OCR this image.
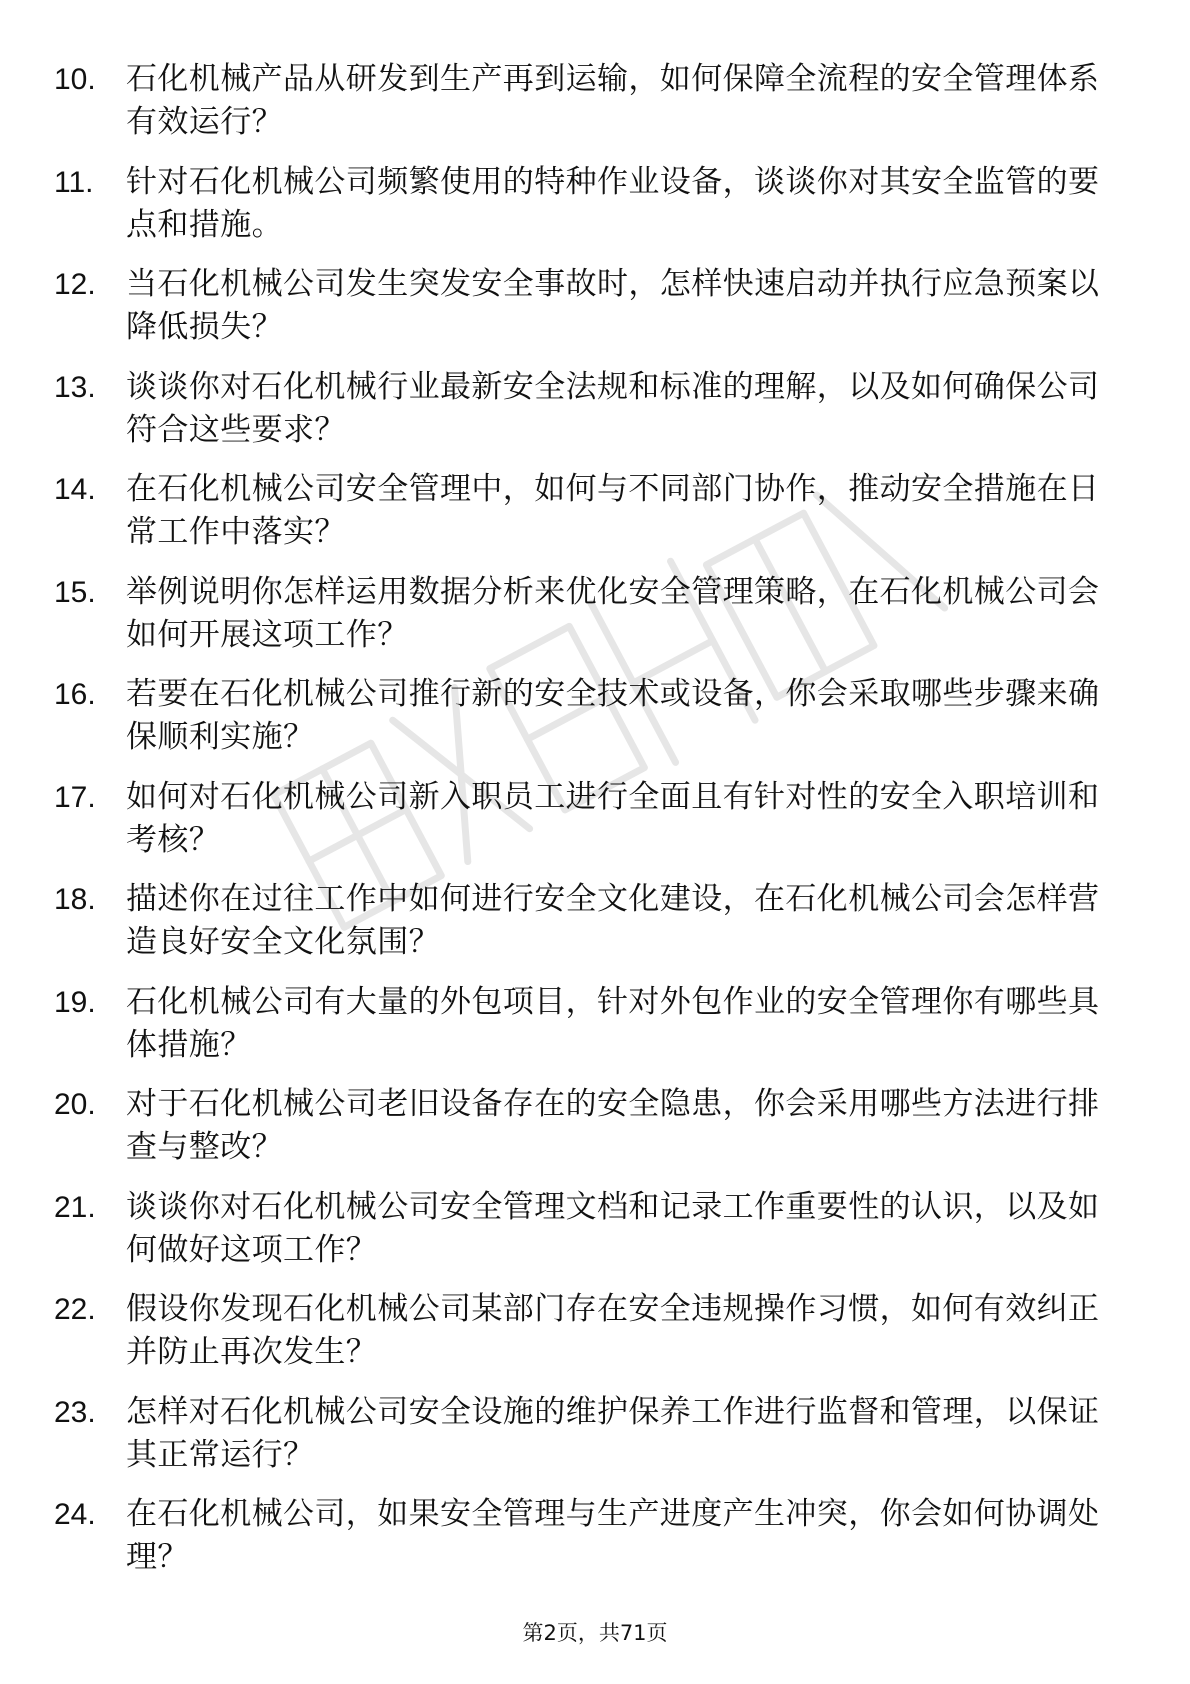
10. 石化机械产品从研发到生产再到运输，如何保障全流程的安全管理体系有效运行？
11.	针对石化机械公司频繁使用的特种作业设备，谈谈你对其安全监管的要点和措施。
12. 当石化机械公司发生突发安全事故时，怎样快速启动并执行应急预案以降低损失？
13. 谈谈你对石化机械行业最新安全法规和标准的理解，以及如何确保公司符合这些要求？
14. 在石化机械公司安全管理中，如何与不同部门协作，推动安全措施在日常工作中落实？
15. 举例说明你怎样运用数据分析来优化安全管理策略，在石化机械公司会如何开展这项工作？
16. 若要在石化机械公司推行新的安全技术或设备，你会采取哪些步骤来确保顺利实施？
17. 如何对石化机械公司新入职员工进行全面且有针对性的安全入职培训和考核？
18. 描述你在过往工作中如何进行安全文化建设，在石化机械公司会怎样营造良好安全文化氛围？
19. 石化机械公司有大量的外包项目，针对外包作业的安全管理你有哪些具体措施？
20. 对于石化机械公司老旧设备存在的安全隐患，你会采用哪些方法进行排查与整改？
21. 谈谈你对石化机械公司安全管理文档和记录工作重要性的认识，以及如何做好这项工作？
22. 假设你发现石化机械公司某部门存在安全违规操作习惯，如何有效纠正并防止再次发生？
23. 怎样对石化机械公司安全设施的维护保养工作进行监督和管理，以保证其正常运行？
24. 在石化机械公司，如果安全管理与生产进度产生冲突，你会如何协调处理？
第2页，共71页
